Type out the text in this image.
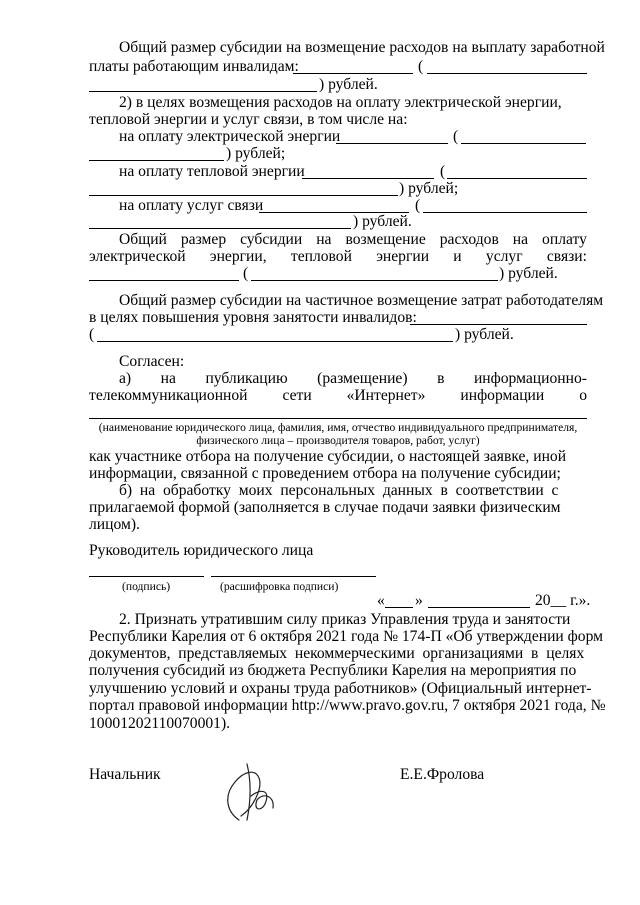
Общий размер субсидии на возмещение расходов на выплату заработной
платы работающим инвалидам:	(
) рублей.
2) в целях возмещения расходов на оплату электрической энергии,
тепловой энергии и услуг связи, в том числе на:
на оплату электрической энергии	(
) рублей;
на оплату тепловой энергии	(
) рублей;
на оплату услуг связи	(
) рублей.
Общий размер субсидии на возмещение расходов на оплату
электрической энергии, тепловой энергии и услуг связи:
(	) рублей.
Общий размер субсидии на частичное возмещение затрат работодателям
в целях повышения уровня занятости инвалидов:
(	) рублей.
Согласен:
а) на публикацию (размещение) в информационно-
телекоммуникационной сети «Интернет» информации о
(наименование юридического лица, фамилия, имя, отчество индивидуального предпринимателя,
физического лица – производителя товаров, работ, услуг)
как участнике отбора на получение субсидии, о настоящей заявке, иной
информации, связанной с проведением отбора на получение субсидии;
б)  на  обработку  моих  персональных  данных  в  соответствии  с
прилагаемой формой (заполняется в случае подачи заявки физическим
лицом).
Руководитель юридического лица
(подпись)	(расшифровка подписи)
« »	20__ г.».
2. Признать утратившим силу приказ Управления труда и занятости
Республики Карелия от 6 октября 2021 года № 174-П «Об утверждении форм
документов,  представляемых  некоммерческими  организациями  в  целях
получения субсидий из бюджета Республики Карелия на мероприятия по
улучшению условий и охраны труда работников» (Официальный интернет-
портал правовой информации http://www.pravo.gov.ru, 7 октября 2021 года, №
10001202110070001).
Начальник	Е.Е.Фролова
